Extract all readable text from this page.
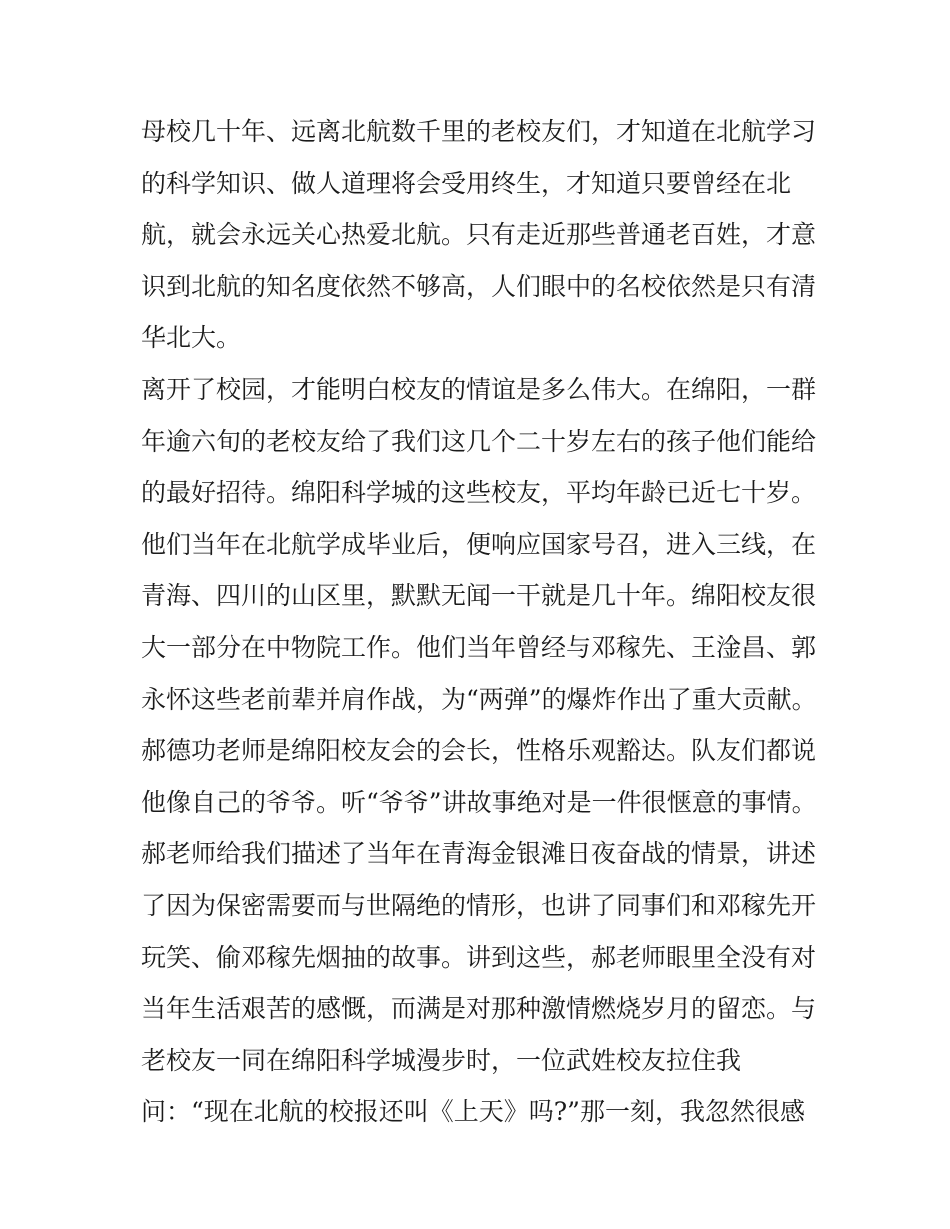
母校几十年、远离北航数千里的老校友们，才知道在北航学习
的科学知识、做人道理将会受用终生，才知道只要曾经在北
航，就会永远关心热爱北航。只有走近那些普通老百姓，才意
识到北航的知名度依然不够高，人们眼中的名校依然是只有清
华北大。
离开了校园，才能明白校友的情谊是多么伟大。在绵阳，一群
年逾六旬的老校友给了我们这几个二十岁左右的孩子他们能给
的最好招待。绵阳科学城的这些校友，平均年龄已近七十岁。
他们当年在北航学成毕业后，便响应国家号召，进入三线，在
青海、四川的山区里，默默无闻一干就是几十年。绵阳校友很
大一部分在中物院工作。他们当年曾经与邓稼先、王淦昌、郭
永怀这些老前辈并肩作战，为“两弹”的爆炸作出了重大贡献。
郝德功老师是绵阳校友会的会长，性格乐观豁达。队友们都说
他像自己的爷爷。听“爷爷”讲故事绝对是一件很惬意的事情。
郝老师给我们描述了当年在青海金银滩日夜奋战的情景，讲述
了因为保密需要而与世隔绝的情形，也讲了同事们和邓稼先开
玩笑、偷邓稼先烟抽的故事。讲到这些，郝老师眼里全没有对
当年生活艰苦的感慨，而满是对那种激情燃烧岁月的留恋。与
老校友一同在绵阳科学城漫步时，一位武姓校友拉住我
问：“现在北航的校报还叫《上天》吗?”那一刻，我忽然很感
